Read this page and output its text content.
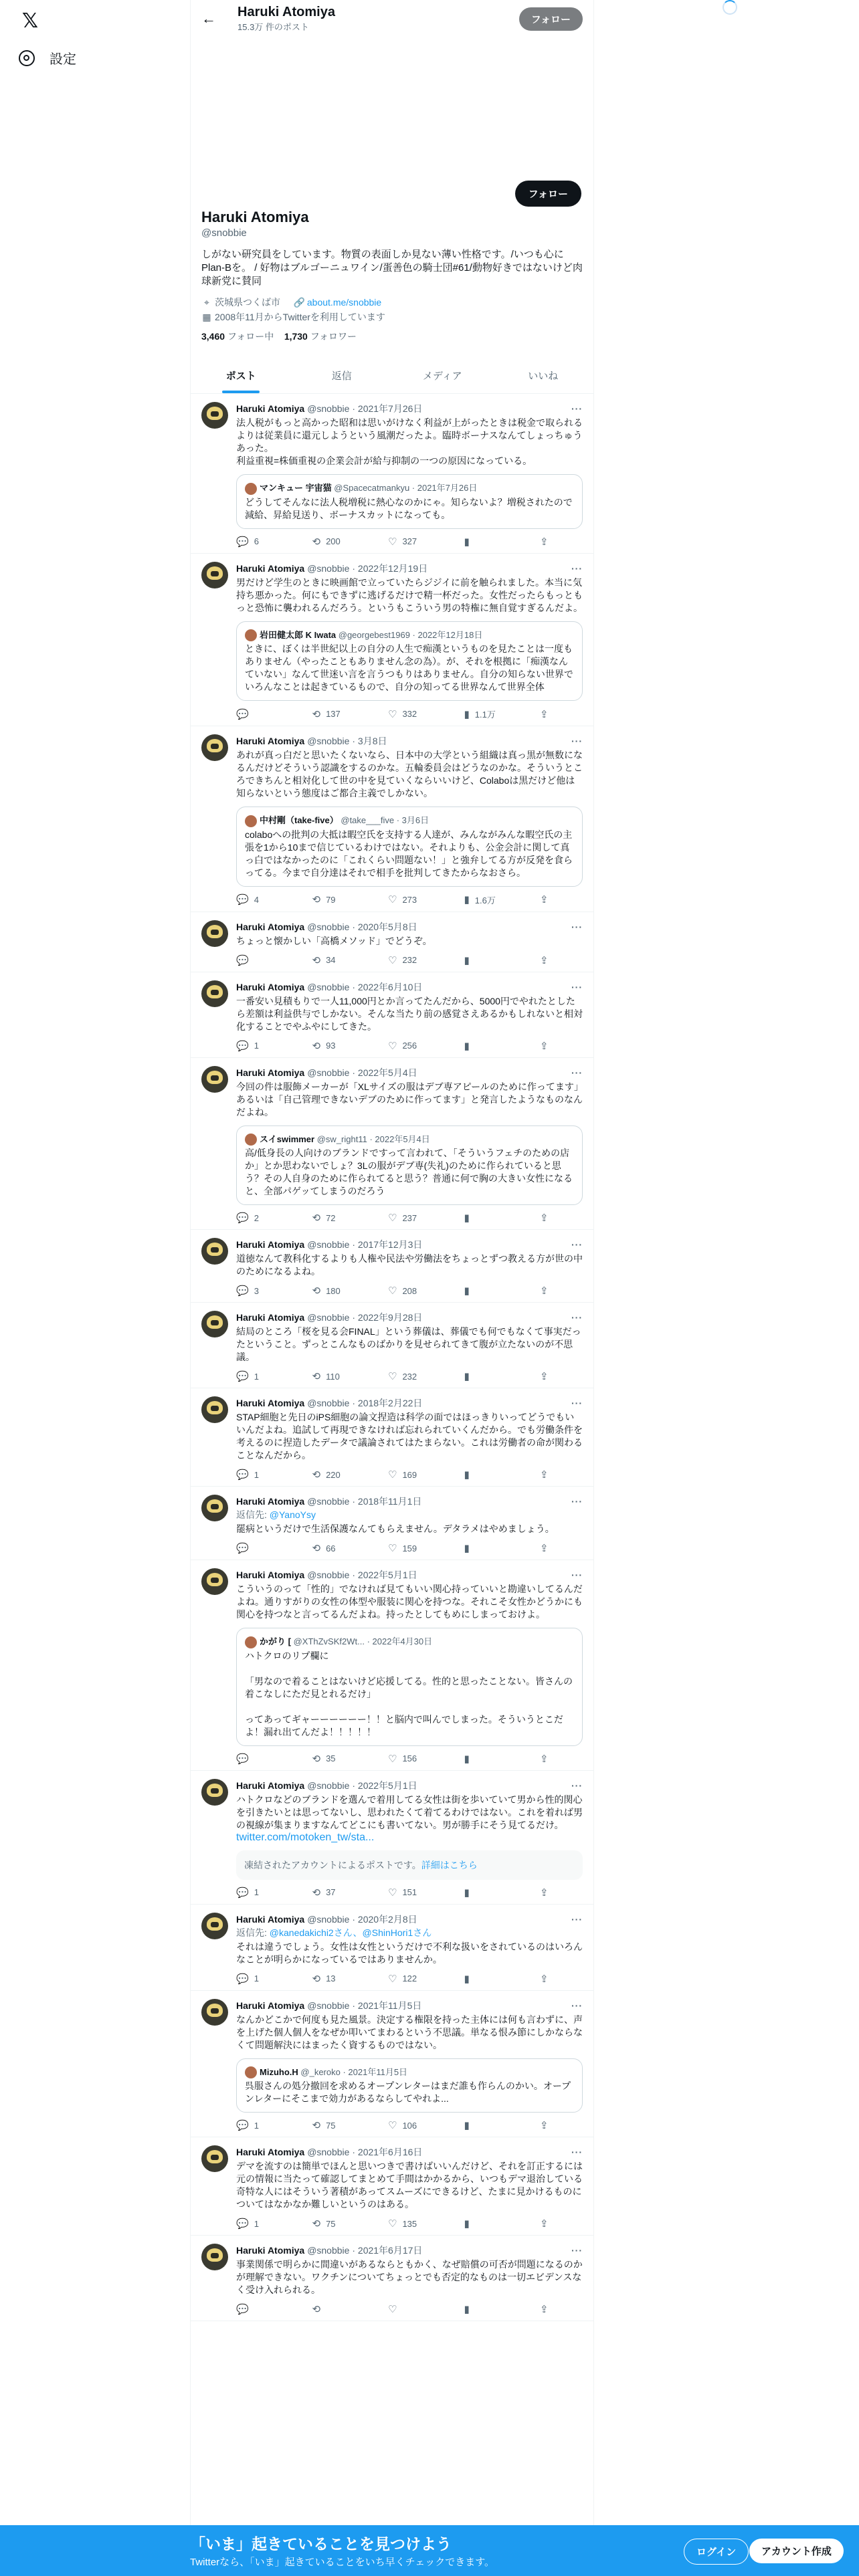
𝕏
設定
← Haruki Atomiya
15.3万 件のポスト
フォロー
フォロー
Haruki Atomiya
@snobbie
しがない研究員をしています。物質の表面しか見ない薄い性格です。/いつも心にPlan-Bを。 / 好物はブルゴーニュワイン/蛋善色の騎士団#61/動物好きではないけど肉球新党に賛同
⌖ 茨城県つくば市 🔗 about.me/snobbie
▦ 2008年11月からTwitterを利用しています
3,460 フォロー中 1,730 フォロワー
ポスト	返信	メディア	いいね
Haruki Atomiya @snobbie · 2021年7月26日	···
法人税がもっと高かった昭和は思いがけなく利益が上がったときは税金で取られるよりは従業員に還元しようという風潮だったよ。臨時ボーナスなんてしょっちゅうあった。
利益重視=株価重視の企業会計が給与抑制の一つの原因になっている。
マンキュー 宇宙猫 @Spacecatmankyu · 2021年7月26日
どうしてそんなに法人税増税に熱心なのかにゃ。知らないよ？増税されたので減給、昇給見送り、ボーナスカットになっても。
💬 6	⟲ 200	♡ 327	▮	⇪
Haruki Atomiya @snobbie · 2022年12月19日	···
男だけど学生のときに映画館で立っていたらジジイに前を触られました。本当に気持ち悪かった。何にもできずに逃げるだけで精一杯だった。女性だったらもっともっと恐怖に襲われるんだろう。というもこういう男の特権に無自覚すぎるんだよ。
岩田健太郎 K Iwata @georgebest1969 · 2022年12月18日
ときに、ぼくは半世紀以上の自分の人生で痴漢というものを見たことは一度もありません（やったこともありません念の為）。が、それを根拠に「痴漢なんていない」なんて世迷い言を言うつもりはありません。自分の知らない世界でいろんなことは起きているもので、自分の知ってる世界なんて世界全体
💬	⟲ 137	♡ 332	▮ 1.1万	⇪
Haruki Atomiya @snobbie · 3月8日	···
あれが真っ白だと思いたくないなら、日本中の大学という組織は真っ黒が無数になるんだけどそういう認識をするのかな。五輪委員会はどうなのかな。そういうところできちんと相対化して世の中を見ていくならいいけど、Colaboは黒だけど他は知らないという態度はご都合主義でしかない。
中村剛（take-five） @take___five · 3月6日
colaboへの批判の大抵は暇空氏を支持する人達が、みんながみんな暇空氏の主張を1から10まで信じているわけではない。それよりも、公金会計に関して真っ白ではなかったのに「これくらい問題ない！」と強弁してる方が反発を食らってる。今まで自分達はそれで相手を批判してきたからなおさら。
💬 4	⟲ 79	♡ 273	▮ 1.6万	⇪
Haruki Atomiya @snobbie · 2020年5月8日	···
ちょっと懐かしい「高橋メソッド」でどうぞ。
💬	⟲ 34	♡ 232	▮	⇪
Haruki Atomiya @snobbie · 2022年6月10日	···
一番安い見積もりで一人11,000円とか言ってたんだから、5000円でやれたとしたら差額は利益供与でしかない。そんな当たり前の感覚さえあるかもしれないと相対化することでやふやにしてきた。
💬 1	⟲ 93	♡ 256	▮	⇪
Haruki Atomiya @snobbie · 2022年5月4日	···
今回の件は服飾メーカーが「XLサイズの服はデブ専アピールのために作ってます」あるいは「自己管理できないデブのために作ってます」と発言したようなものなんだよね。
スイswimmer @sw_right11 · 2022年5月4日
高/低身長の人向けのブランドですって言われて、「そういうフェチのための店か」とか思わないでしょ？3Lの服がデブ専(失礼)のために作られていると思う？その人自身のために作られてると思う？普通に何で胸の大きい女性になると、全部パゲッてしまうのだろう
💬 2	⟲ 72	♡ 237	▮	⇪
Haruki Atomiya @snobbie · 2017年12月3日	···
道徳なんて教科化するよりも人権や民法や労働法をちょっとずつ教える方が世の中のためになるよね。
💬 3	⟲ 180	♡ 208	▮	⇪
Haruki Atomiya @snobbie · 2022年9月28日	···
結局のところ「桜を見る会FINAL」という葬儀は、葬儀でも何でもなくて事実だったということ。ずっとこんなものばかりを見せられてきて腹が立たないのが不思議。
💬 1	⟲ 110	♡ 232	▮	⇪
Haruki Atomiya @snobbie · 2018年2月22日	···
STAP細胞と先日のiPS細胞の論文捏造は科学の面ではほっきりいってどうでもいいんだよね。追試して再現できなければ忘れられていくんだから。でも労働条件を考えるのに捏造したデータで議論されてはたまらない。これは労働者の命が関わることなんだから。
💬 1	⟲ 220	♡ 169	▮	⇪
Haruki Atomiya @snobbie · 2018年11月1日	···
返信先: @YanoYsy
罷病というだけで生活保護なんてもらえません。デタラメはやめましょう。
💬	⟲ 66	♡ 159	▮	⇪
Haruki Atomiya @snobbie · 2022年5月1日	···
こういうのって「性的」でなければ見てもいい関心持っていいと勘違いしてるんだよね。通りすがりの女性の体型や服装に関心を持つな。それこそ女性かどうかにも関心を持つなと言ってるんだよね。持ったとしてもめにしまっておけよ。
かがり [ @XThZvSKf2Wt... · 2022年4月30日
ハトクロのリプ欄に

「男なので着ることはないけど応援してる。性的と思ったことない。皆さんの着こなしにただ見とれるだけ」

ってあってギャーーーーーー！！と脳内で叫んでしまった。そういうとこだよ！漏れ出てんだよ！！！！！
💬	⟲ 35	♡ 156	▮	⇪
Haruki Atomiya @snobbie · 2022年5月1日	···
ハトクロなどのブランドを選んで着用してる女性は街を歩いていて男から性的関心を引きたいとは思ってないし、思われたくて着てるわけではない。これを着れば男の視線が集まりますなんてどこにも書いてない。男が勝手にそう見てるだけ。
twitter.com/motoken_tw/sta...
凍結されたアカウントによるポストです。詳細はこちら
💬 1	⟲ 37	♡ 151	▮	⇪
Haruki Atomiya @snobbie · 2020年2月8日	···
返信先: @kanedakichi2さん、@ShinHori1さん
それは違うでしょう。女性は女性というだけで不利な扱いをされているのはいろんなことが明らかになっているではありませんか。
💬 1	⟲ 13	♡ 122	▮	⇪
Haruki Atomiya @snobbie · 2021年11月5日	···
なんかどこかで何度も見た風景。決定する権限を持った主体には何も言わずに、声を上げた個人個人をなぜか叩いてまわるという不思議。単なる恨み節にしかならなくて問題解決にはまったく資するものではない。
Mizuho.H @_keroko · 2021年11月5日
呉服さんの処分撤回を求めるオープンレターはまだ誰も作らんのかい。オープンレターにそこまで効力があるならしてやれよ...
💬 1	⟲ 75	♡ 106	▮	⇪
Haruki Atomiya @snobbie · 2021年6月16日	···
デマを流すのは簡単でほんと思いつきで書けばいいんだけど、それを訂正するには元の情報に当たって確認してまとめて手間はかかるから、いつもデマ退治している奇特な人にはそういう著積があってスムーズにできるけど、たまに見かけるものについてはなかなか難しいというのはある。
💬 1	⟲ 75	♡ 135	▮	⇪
Haruki Atomiya @snobbie · 2021年6月17日	···
事業関係で明らかに間違いがあるならともかく、なぜ賠償の可否が問題になるのかが理解できない。ワクチンについてちょっとでも否定的なものは一切エビデンスなく受け入れられる。
💬	⟲	♡	▮	⇪
「いま」起きていることを見つけよう
Twitterなら、「いま」起きていることをいち早くチェックできます。
ログイン	アカウント作成
